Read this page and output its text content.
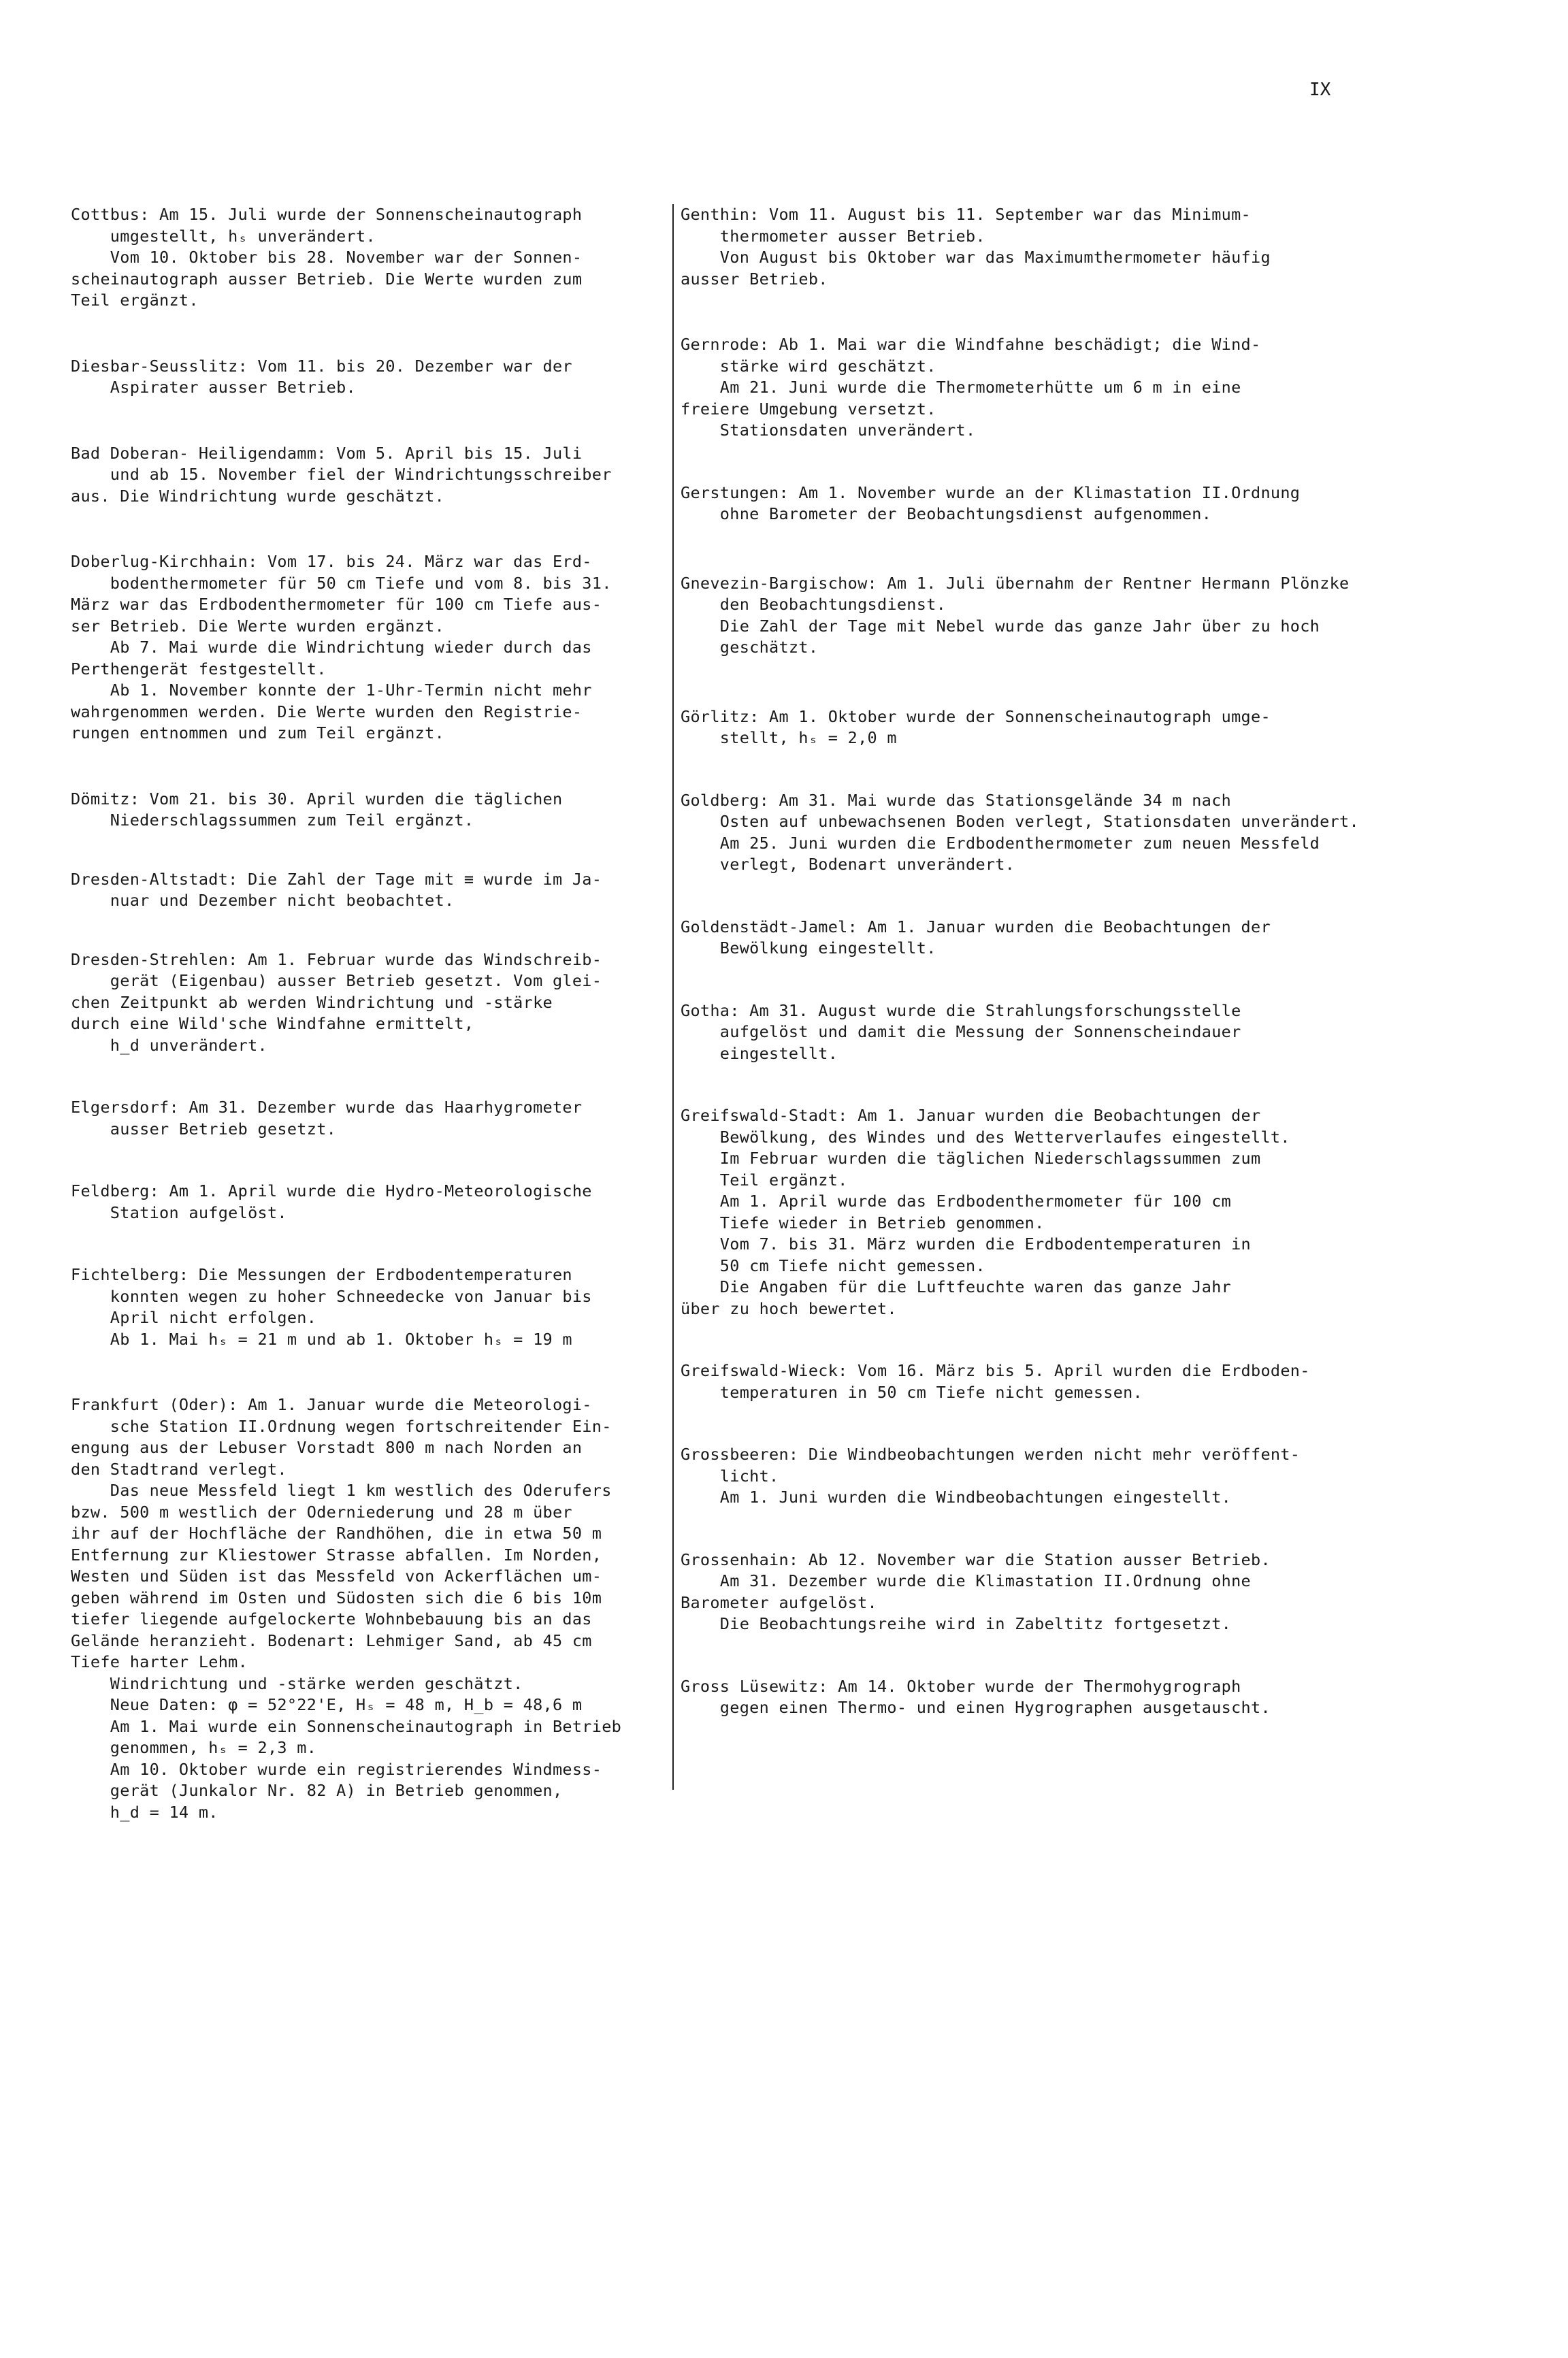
IX
Cottbus: Am 15. Juli wurde der Sonnenscheinautograph
umgestellt, hₛ unverändert.
Vom 10. Oktober bis 28. November war der Sonnen-
scheinautograph ausser Betrieb. Die Werte wurden zum
Teil ergänzt.
Diesbar-Seusslitz: Vom 11. bis 20. Dezember war der
Aspirater ausser Betrieb.
Bad Doberan- Heiligendamm: Vom 5. April bis 15. Juli
und ab 15. November fiel der Windrichtungsschreiber
aus. Die Windrichtung wurde geschätzt.
Doberlug-Kirchhain: Vom 17. bis 24. März war das Erd-
bodenthermometer für 50 cm Tiefe und vom 8. bis 31.
März war das Erdbodenthermometer für 100 cm Tiefe aus-
ser Betrieb. Die Werte wurden ergänzt.
Ab 7. Mai wurde die Windrichtung wieder durch das
Perthengerät festgestellt.
Ab 1. November konnte der 1-Uhr-Termin nicht mehr
wahrgenommen werden. Die Werte wurden den Registrie-
rungen entnommen und zum Teil ergänzt.
Dömitz: Vom 21. bis 30. April wurden die täglichen
Niederschlagssummen zum Teil ergänzt.
Dresden-Altstadt: Die Zahl der Tage mit ≡ wurde im Ja-
nuar und Dezember nicht beobachtet.
Dresden-Strehlen: Am 1. Februar wurde das Windschreib-
gerät (Eigenbau) ausser Betrieb gesetzt. Vom glei-
chen Zeitpunkt ab werden Windrichtung und -stärke
durch eine Wild'sche Windfahne ermittelt,
h_d unverändert.
Elgersdorf: Am 31. Dezember wurde das Haarhygrometer
ausser Betrieb gesetzt.
Feldberg: Am 1. April wurde die Hydro-Meteorologische
Station aufgelöst.
Fichtelberg: Die Messungen der Erdbodentemperaturen
konnten wegen zu hoher Schneedecke von Januar bis
April nicht erfolgen.
Ab 1. Mai hₛ = 21 m und ab 1. Oktober hₛ = 19 m
Frankfurt (Oder): Am 1. Januar wurde die Meteorologi-
sche Station II.Ordnung wegen fortschreitender Ein-
engung aus der Lebuser Vorstadt 800 m nach Norden an
den Stadtrand verlegt.
Das neue Messfeld liegt 1 km westlich des Oderufers
bzw. 500 m westlich der Oderniederung und 28 m über
ihr auf der Hochfläche der Randhöhen, die in etwa 50 m
Entfernung zur Kliestower Strasse abfallen. Im Norden,
Westen und Süden ist das Messfeld von Ackerflächen um-
geben während im Osten und Südosten sich die 6 bis 10m
tiefer liegende aufgelockerte Wohnbebauung bis an das
Gelände heranzieht. Bodenart: Lehmiger Sand, ab 45 cm
Tiefe harter Lehm.
Windrichtung und -stärke werden geschätzt.
Neue Daten: φ = 52°22'E, Hₛ = 48 m, H_b = 48,6 m
Am 1. Mai wurde ein Sonnenscheinautograph in Betrieb
genommen, hₛ = 2,3 m.
Am 10. Oktober wurde ein registrierendes Windmess-
gerät (Junkalor Nr. 82 A) in Betrieb genommen,
h_d = 14 m.
Genthin: Vom 11. August bis 11. September war das Minimum-
thermometer ausser Betrieb.
Von August bis Oktober war das Maximumthermometer häufig
ausser Betrieb.
Gernrode: Ab 1. Mai war die Windfahne beschädigt; die Wind-
stärke wird geschätzt.
Am 21. Juni wurde die Thermometerhütte um 6 m in eine
freiere Umgebung versetzt.
Stationsdaten unverändert.
Gerstungen: Am 1. November wurde an der Klimastation II.Ordnung
ohne Barometer der Beobachtungsdienst aufgenommen.
Gnevezin-Bargischow: Am 1. Juli übernahm der Rentner Hermann Plönzke
den Beobachtungsdienst.
Die Zahl der Tage mit Nebel wurde das ganze Jahr über zu hoch
geschätzt.
Görlitz: Am 1. Oktober wurde der Sonnenscheinautograph umge-
stellt, hₛ = 2,0 m
Goldberg: Am 31. Mai wurde das Stationsgelände 34 m nach
Osten auf unbewachsenen Boden verlegt, Stationsdaten unverändert.
Am 25. Juni wurden die Erdbodenthermometer zum neuen Messfeld
verlegt, Bodenart unverändert.
Goldenstädt-Jamel: Am 1. Januar wurden die Beobachtungen der
Bewölkung eingestellt.
Gotha: Am 31. August wurde die Strahlungsforschungsstelle
aufgelöst und damit die Messung der Sonnenscheindauer
eingestellt.
Greifswald-Stadt: Am 1. Januar wurden die Beobachtungen der
Bewölkung, des Windes und des Wetterverlaufes eingestellt.
Im Februar wurden die täglichen Niederschlagssummen zum
Teil ergänzt.
Am 1. April wurde das Erdbodenthermometer für 100 cm
Tiefe wieder in Betrieb genommen.
Vom 7. bis 31. März wurden die Erdbodentemperaturen in
50 cm Tiefe nicht gemessen.
Die Angaben für die Luftfeuchte waren das ganze Jahr
über zu hoch bewertet.
Greifswald-Wieck: Vom 16. März bis 5. April wurden die Erdboden-
temperaturen in 50 cm Tiefe nicht gemessen.
Grossbeeren: Die Windbeobachtungen werden nicht mehr veröffent-
licht.
Am 1. Juni wurden die Windbeobachtungen eingestellt.
Grossenhain: Ab 12. November war die Station ausser Betrieb.
Am 31. Dezember wurde die Klimastation II.Ordnung ohne
Barometer aufgelöst.
Die Beobachtungsreihe wird in Zabeltitz fortgesetzt.
Gross Lüsewitz: Am 14. Oktober wurde der Thermohygrograph
gegen einen Thermo- und einen Hygrographen ausgetauscht.
